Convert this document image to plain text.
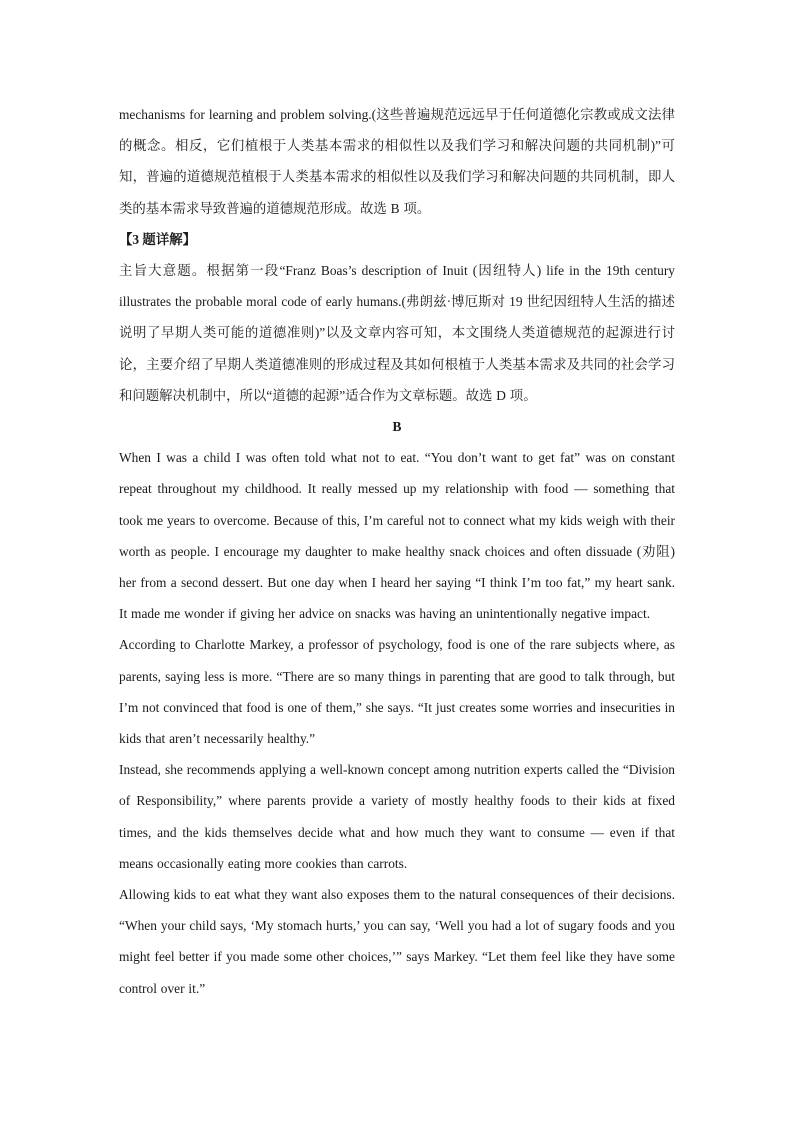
mechanisms for learning and problem solving.(这些普遍规范远远早于任何道德化宗教或成文法律的概念。相反，它们植根于人类基本需求的相似性以及我们学习和解决问题的共同机制)”可知，普遍的道德规范植根于人类基本需求的相似性以及我们学习和解决问题的共同机制，即人类的基本需求导致普遍的道德规范形成。故选 B 项。

【3 题详解】

主旨大意题。根据第一段“Franz Boas’s description of Inuit (因纽特人) life in the 19th century illustrates the probable moral code of early humans.(弗朗兹·博厄斯对 19 世纪因纽特人生活的描述说明了早期人类可能的道德准则)”以及文章内容可知，本文围绕人类道德规范的起源进行讨论，主要介绍了早期人类道德准则的形成过程及其如何根植于人类基本需求及共同的社会学习和问题解决机制中，所以“道德的起源”适合作为文章标题。故选 D 项。

B

When I was a child I was often told what not to eat. “You don’t want to get fat” was on constant repeat throughout my childhood. It really messed up my relationship with food — something that took me years to overcome. Because of this, I’m careful not to connect what my kids weigh with their worth as people. I encourage my daughter to make healthy snack choices and often dissuade (劝阻) her from a second dessert. But one day when I heard her saying “I think I’m too fat,” my heart sank. It made me wonder if giving her advice on snacks was having an unintentionally negative impact.

According to Charlotte Markey, a professor of psychology, food is one of the rare subjects where, as parents, saying less is more. “There are so many things in parenting that are good to talk through, but I’m not convinced that food is one of them,” she says. “It just creates some worries and insecurities in kids that aren’t necessarily healthy.”

Instead, she recommends applying a well-known concept among nutrition experts called the “Division of Responsibility,” where parents provide a variety of mostly healthy foods to their kids at fixed times, and the kids themselves decide what and how much they want to consume — even if that means occasionally eating more cookies than carrots.

Allowing kids to eat what they want also exposes them to the natural consequences of their decisions. “When your child says, ‘My stomach hurts,’ you can say, ‘Well you had a lot of sugary foods and you might feel better if you made some other choices,’” says Markey. “Let them feel like they have some control over it.”
